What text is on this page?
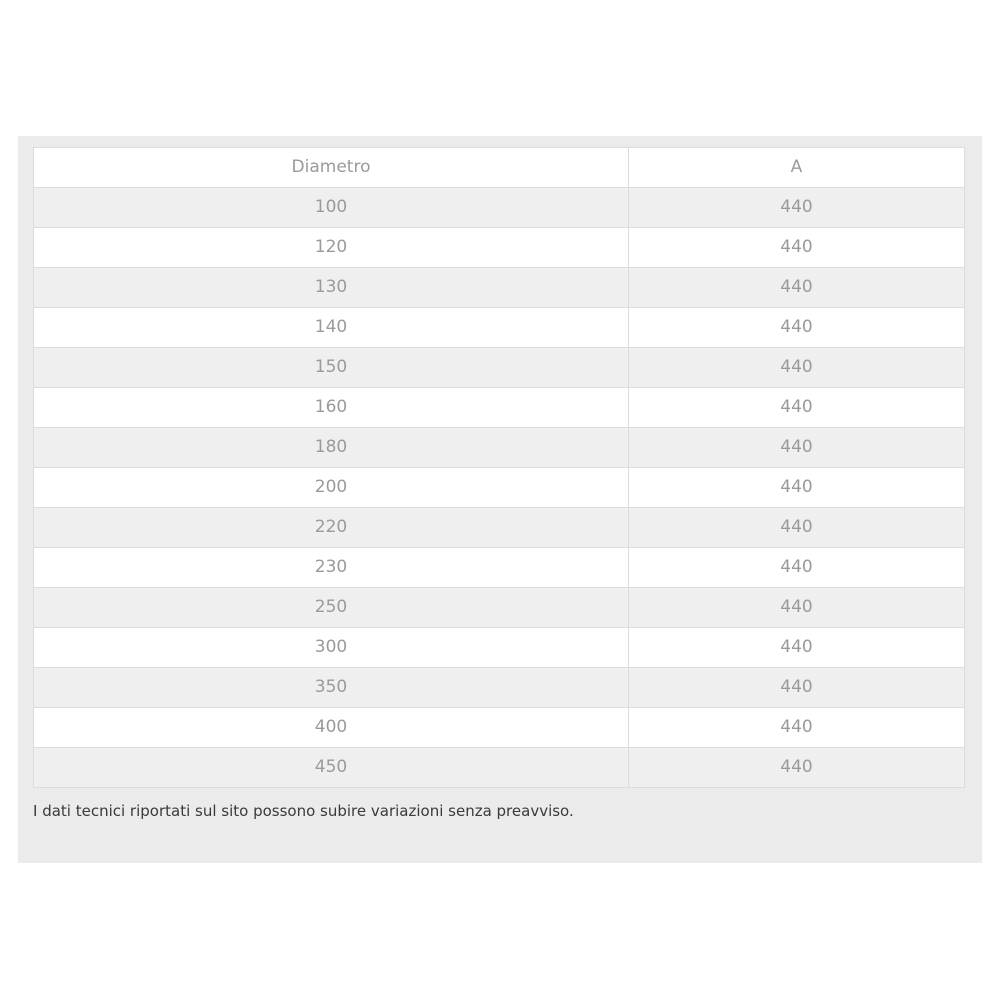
Diametro	A
100	440
120	440
130	440
140	440
150	440
160	440
180	440
200	440
220	440
230	440
250	440
300	440
350	440
400	440
450	440
I dati tecnici riportati sul sito possono subire variazioni senza preavviso.
